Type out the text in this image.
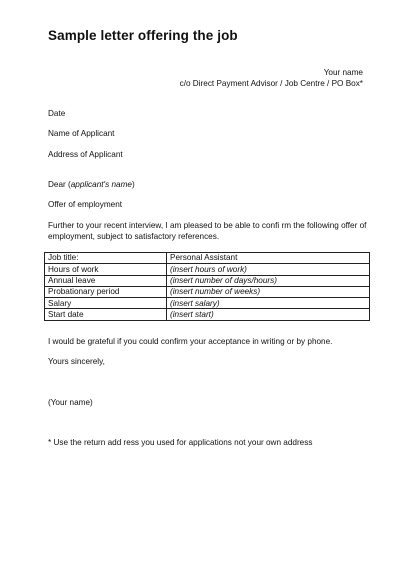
Sample letter offering the job
Your name
c/o Direct Payment Advisor / Job Centre / PO Box*
Date
Name of Applicant
Address of Applicant
Dear (applicant's name)
Offer of employment
Further to your recent interview, I am pleased to be able to confi rm the following offer of employment, subject to satisfactory references.
Job title:	Personal Assistant
Hours of work	(insert hours of work)
Annual leave	(insert number of days/hours)
Probationary period	(insert number of weeks)
Salary	(insert salary)
Start date	(insert start)
I would be grateful if you could confirm your acceptance in writing or by phone.
Yours sincerely,
(Your name)
* Use the return add ress you used for applications not your own address
